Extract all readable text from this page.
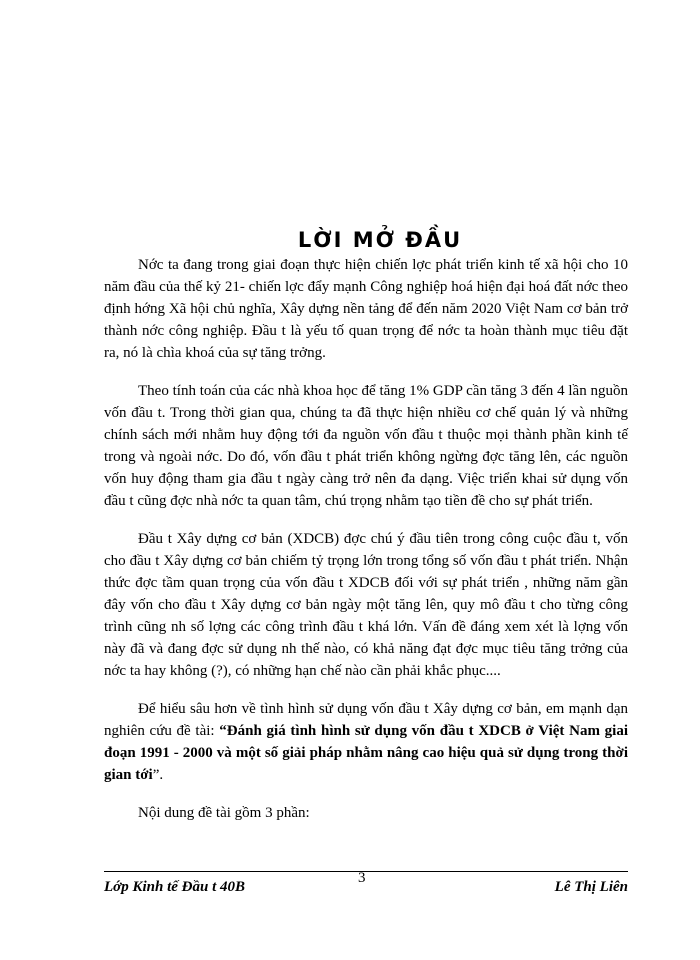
LỜI MỞ ĐẦU

Nớc ta đang trong giai đoạn thực hiện chiến lợc phát triển kinh tế xã hội cho 10 năm đầu của thế kỷ 21- chiến lợc đẩy mạnh Công nghiệp hoá hiện đại hoá đất nớc theo định hớng Xã hội chủ nghĩa, Xây dựng nền tảng để đến năm 2020 Việt Nam cơ bản trở thành nớc công nghiệp. Đầu t là yếu tố quan trọng để nớc ta hoàn thành mục tiêu đặt ra, nó là chìa khoá của sự tăng trởng.

Theo tính toán của các nhà khoa học để tăng 1% GDP cần tăng 3 đến 4 lần nguồn vốn đầu t. Trong thời gian qua, chúng ta đã thực hiện nhiều cơ chế quản lý và những chính sách mới nhằm huy động tới đa nguồn vốn đầu t thuộc mọi thành phần kinh tế trong và ngoài nớc. Do đó, vốn đầu t phát triển không ngừng đợc tăng lên, các nguồn vốn huy động tham gia đầu t ngày càng trở nên đa dạng. Việc triển khai sử dụng vốn đầu t cũng đợc nhà nớc ta quan tâm, chú trọng nhằm tạo tiền đề cho sự phát triển.

Đầu t Xây dựng cơ bản (XDCB) đợc chú ý đầu tiên trong công cuộc đầu t, vốn cho đầu t Xây dựng cơ bản chiếm tỷ trọng lớn trong tổng số vốn đầu t phát triển. Nhận thức đợc tầm quan trọng của vốn đầu t XDCB đối với sự phát triển , những năm gần đây vốn cho đầu t Xây dựng cơ bản ngày một tăng lên, quy mô đầu t cho từng công trình cũng nh số lợng các công trình đầu t khá lớn. Vấn đề đáng xem xét là lợng vốn này đã và đang đợc sử dụng nh thế nào, có khả năng đạt đợc mục tiêu tăng trởng của nớc ta hay không (?), có những hạn chế nào cần phải khắc phục....

Để hiểu sâu hơn về tình hình sử dụng vốn đầu t Xây dựng cơ bản, em mạnh dạn nghiên cứu đề tài: “Đánh giá tình hình sử dụng vốn đầu t XDCB ở Việt Nam giai đoạn 1991 - 2000 và một số giải pháp nhằm nâng cao hiệu quả sử dụng trong thời gian tới”.

Nội dung đề tài gồm 3 phần:

Lớp Kinh tế Đầu t 40B
3
Lê Thị Liên
